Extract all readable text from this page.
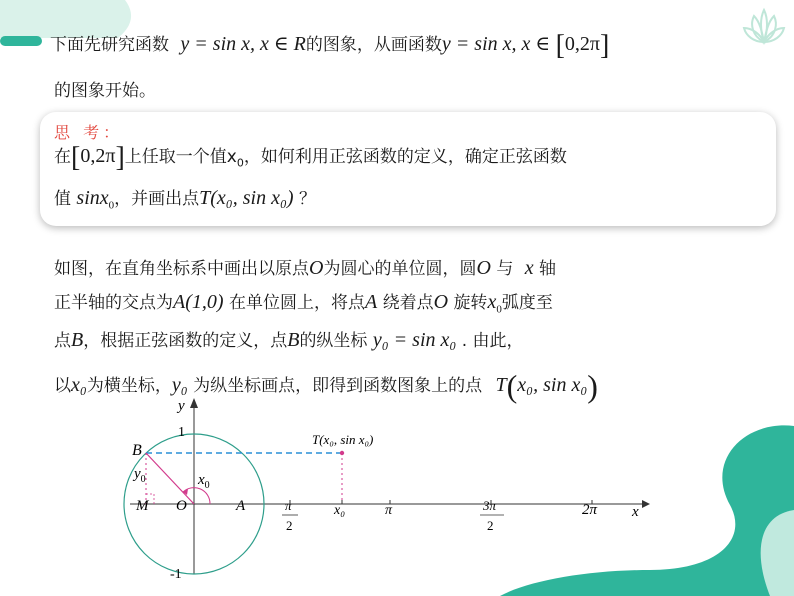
下面先研究函数 y = sin x, x ∈ R的图象，从画函数y = sin x, x ∈ [0,2π]
的图象开始。
思 考：
在[0,2π]上任取一个值$x_0$，如何利用正弦函数的定义，确定正弦函数
值 sinx$_0$，并画出点T(x₀, sin x₀) ？
如图，在直角坐标系中画出以原点O为圆心的单位圆，圆O 与 x 轴
正半轴的交点为A(1,0) 在单位圆上，将点A 绕着点O 旋转$x_0$弧度至
点B，根据正弦函数的定义，点B的纵坐标 y₀ = sin x₀ . 由此，
以x₀为横坐标，y₀ 为纵坐标画点，即得到函数图象上的点 T(x₀, sin x₀)
y
x
1
-1
B
$y_0$
M O	A
$x_0$
T(x₀, sin x₀)
π
2
x₀	π	3π
2
2π
